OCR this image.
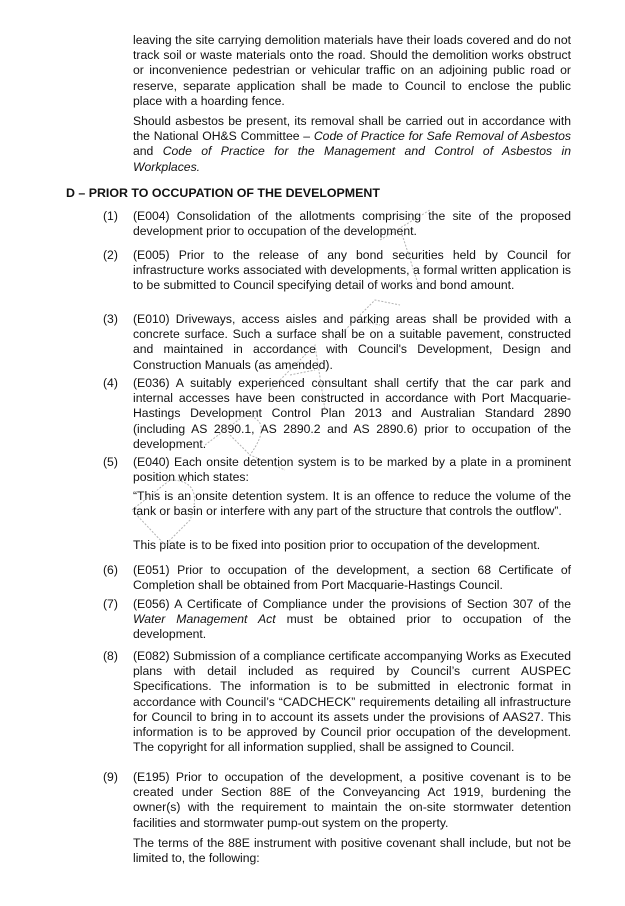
leaving the site carrying demolition materials have their loads covered and do not track soil or waste materials onto the road. Should the demolition works obstruct or inconvenience pedestrian or vehicular traffic on an adjoining public road or reserve, separate application shall be made to Council to enclose the public place with a hoarding fence.

Should asbestos be present, its removal shall be carried out in accordance with the National OH&S Committee – Code of Practice for Safe Removal of Asbestos and Code of Practice for the Management and Control of Asbestos in Workplaces.

D – PRIOR TO OCCUPATION OF THE DEVELOPMENT

(1)	(E004) Consolidation of the allotments comprising the site of the proposed development prior to occupation of the development.

(2)	(E005) Prior to the release of any bond securities held by Council for infrastructure works associated with developments, a formal written application is to be submitted to Council specifying detail of works and bond amount.

(3)	(E010) Driveways, access aisles and parking areas shall be provided with a concrete surface. Such a surface shall be on a suitable pavement, constructed and maintained in accordance with Council's Development, Design and Construction Manuals (as amended).

(4)	(E036) A suitably experienced consultant shall certify that the car park and internal accesses have been constructed in accordance with Port Macquarie-Hastings Development Control Plan 2013 and Australian Standard 2890 (including AS 2890.1, AS 2890.2 and AS 2890.6) prior to occupation of the development.

(5)	(E040) Each onsite detention system is to be marked by a plate in a prominent position which states:

“This is an onsite detention system. It is an offence to reduce the volume of the tank or basin or interfere with any part of the structure that controls the outflow”.

This plate is to be fixed into position prior to occupation of the development.

(6)	(E051) Prior to occupation of the development, a section 68 Certificate of Completion shall be obtained from Port Macquarie-Hastings Council.

(7)	(E056) A Certificate of Compliance under the provisions of Section 307 of the Water Management Act must be obtained prior to occupation of the development.

(8)	(E082) Submission of a compliance certificate accompanying Works as Executed plans with detail included as required by Council’s current AUSPEC Specifications. The information is to be submitted in electronic format in accordance with Council’s “CADCHECK” requirements detailing all infrastructure for Council to bring in to account its assets under the provisions of AAS27. This information is to be approved by Council prior occupation of the development. The copyright for all information supplied, shall be assigned to Council.

(9)	(E195) Prior to occupation of the development, a positive covenant is to be created under Section 88E of the Conveyancing Act 1919, burdening the owner(s) with the requirement to maintain the on-site stormwater detention facilities and stormwater pump-out system on the property.

The terms of the 88E instrument with positive covenant shall include, but not be limited to, the following:
